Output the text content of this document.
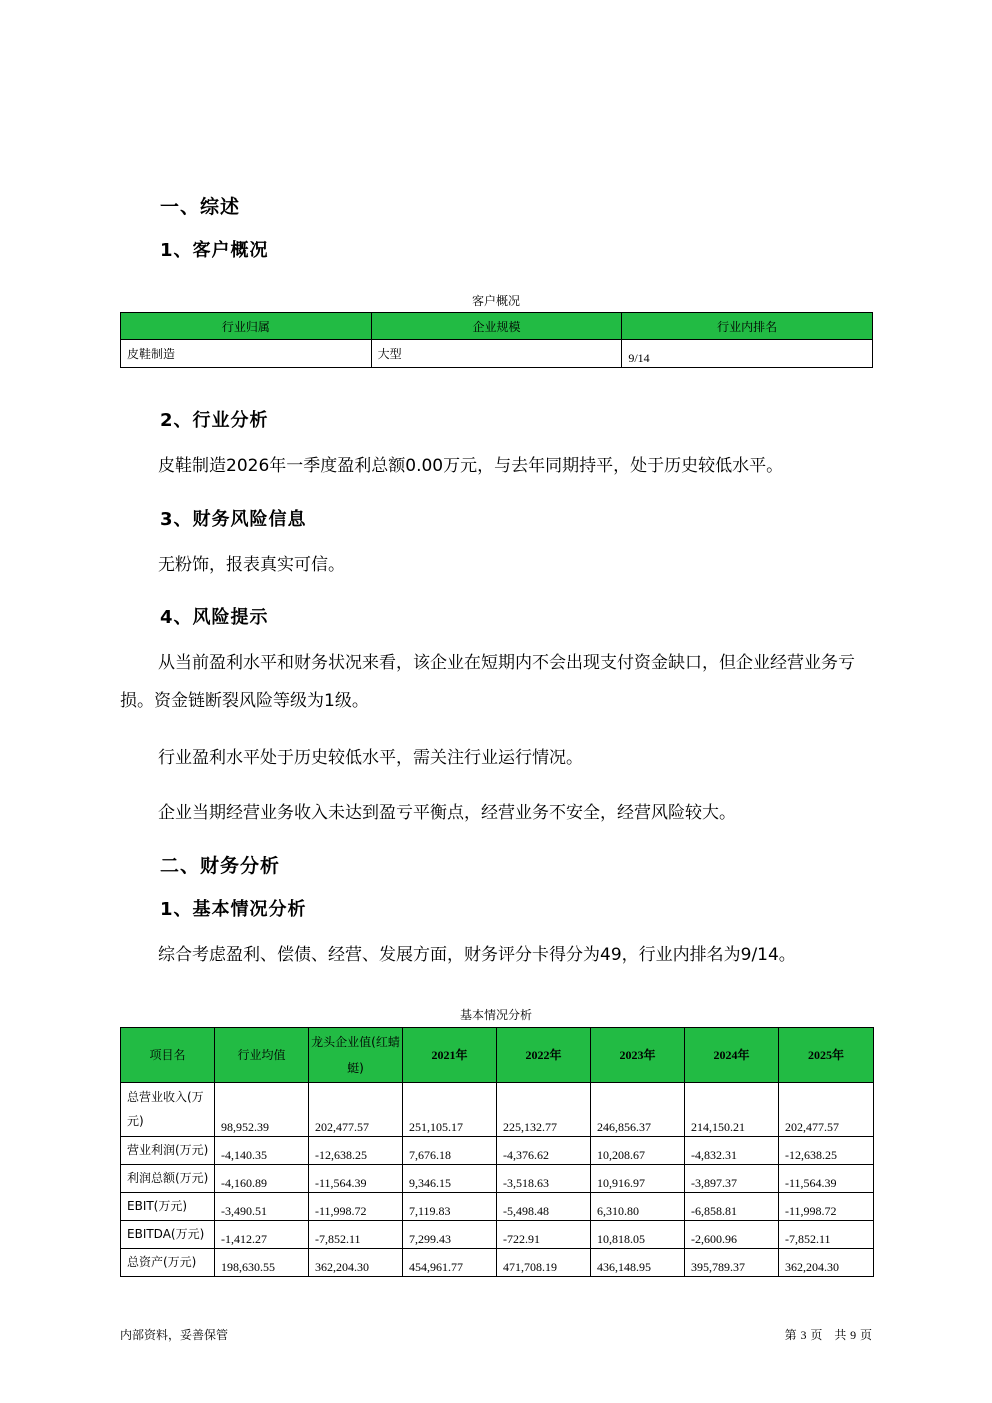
一、综述
1、客户概况
客户概况
行业归属	企业规模	行业内排名
皮鞋制造	大型	9/14
2、行业分析
皮鞋制造2026年一季度盈利总额0.00万元，与去年同期持平，处于历史较低水平。
3、财务风险信息
无粉饰，报表真实可信。
4、风险提示
从当前盈利水平和财务状况来看，该企业在短期内不会出现支付资金缺口，但企业经营业务亏损。资金链断裂风险等级为1级。
行业盈利水平处于历史较低水平，需关注行业运行情况。
企业当期经营业务收入未达到盈亏平衡点，经营业务不安全，经营风险较大。
二、财务分析
1、基本情况分析
综合考虑盈利、偿债、经营、发展方面，财务评分卡得分为49，行业内排名为9/14。
基本情况分析
项目名	行业均值	龙头企业值(红蜻蜓)	2021年	2022年	2023年	2024年	2025年
总营业收入(万元)	98,952.39	202,477.57	251,105.17	225,132.77	246,856.37	214,150.21	202,477.57
营业利润(万元)	-4,140.35	-12,638.25	7,676.18	-4,376.62	10,208.67	-4,832.31	-12,638.25
利润总额(万元)	-4,160.89	-11,564.39	9,346.15	-3,518.63	10,916.97	-3,897.37	-11,564.39
EBIT(万元)	-3,490.51	-11,998.72	7,119.83	-5,498.48	6,310.80	-6,858.81	-11,998.72
EBITDA(万元)	-1,412.27	-7,852.11	7,299.43	-722.91	10,818.05	-2,600.96	-7,852.11
总资产(万元)	198,630.55	362,204.30	454,961.77	471,708.19	436,148.95	395,789.37	362,204.30
内部资料，妥善保管	第 3 页　共 9 页
